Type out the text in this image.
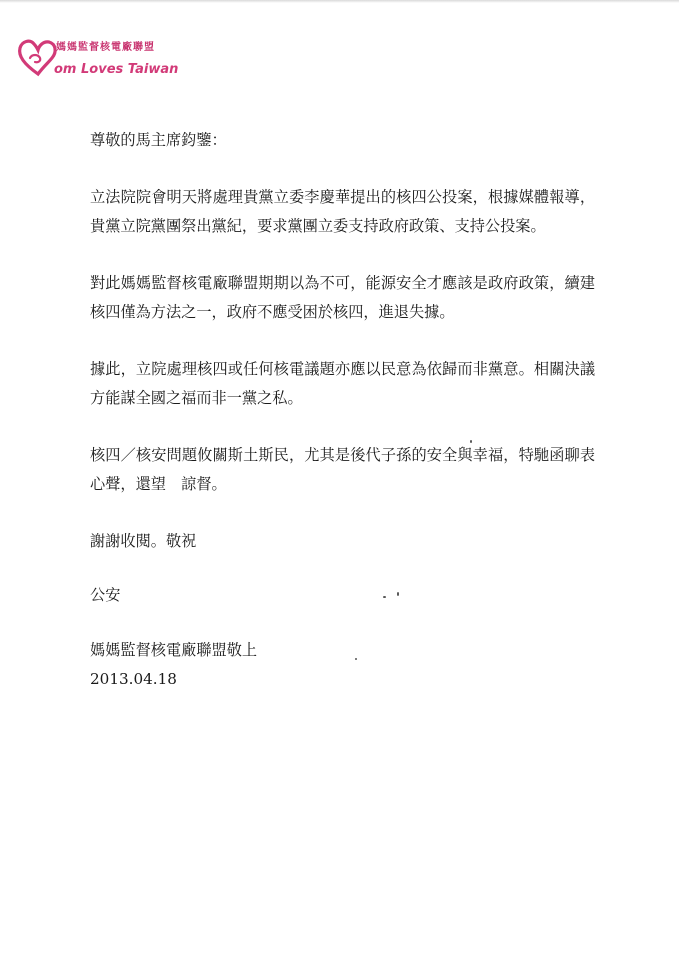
媽媽監督核電廠聯盟
om Loves Taiwan

尊敬的馬主席鈞鑒：

立法院院會明天將處理貴黨立委李慶華提出的核四公投案，根據媒體報導，貴黨立院黨團祭出黨紀，要求黨團立委支持政府政策、支持公投案。

對此媽媽監督核電廠聯盟期期以為不可，能源安全才應該是政府政策，續建核四僅為方法之一，政府不應受困於核四，進退失據。

據此，立院處理核四或任何核電議題亦應以民意為依歸而非黨意。相關決議方能謀全國之福而非一黨之私。

核四／核安問題攸關斯土斯民，尤其是後代子孫的安全與幸福，特馳函聊表心聲，還望　諒督。

謝謝收閱。敬祝

公安

媽媽監督核電廠聯盟敬上

2013.04.18
